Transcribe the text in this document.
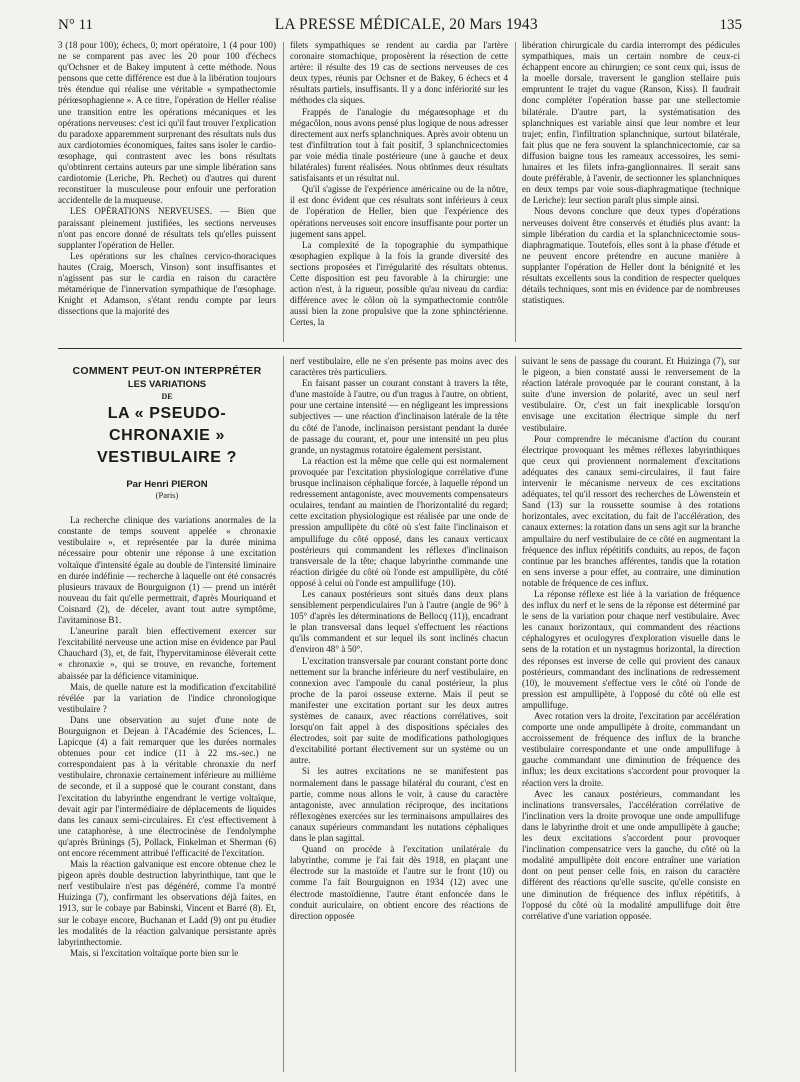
N° 11	LA PRESSE MÉDICALE, 20 Mars 1943	135

3 (18 pour 100); échecs, 0; mort opératoire, 1 (4 pour 100) ne se comparent pas avec les 20 pour 100 d'échecs qu'Ochsner et de Bakey imputent à cette méthode. Nous pensons que cette différence est due à la libération toujours très étendue qui réalise une véritable « sympathectomie périœsophagienne ». A ce titre, l'opération de Heller réalise une transition entre les opérations mécaniques et les opérations nerveuses: c'est ici qu'il faut trouver l'explication du paradoxe apparemment surprenant des résultats nuls dus aux cardiotomies économiques, faites sans isoler le cardio-œsophage, qui contrastent avec les bons résultats qu'obtinrent certains auteurs par une simple libération sans cardiotomie (Leriche, Ph. Rechet) ou d'autres qui durent reconstituer la musculeuse pour enfouir une perforation accidentelle de la muqueuse.

LES OPÉRATIONS NERVEUSES. — Bien que paraissant pleinement justifiées, les sections nerveuses n'ont pas encore donné de résultats tels qu'elles puissent supplanter l'opération de Heller.

Les opérations sur les chaînes cervico-thoraciques hautes (Craig, Moersch, Vinson) sont insuffisantes et n'agissent pas sur le cardia en raison du caractère métamérique de l'innervation sympathique de l'œsophage. Knight et Adamson, s'étant rendu compte par leurs dissections que la majorité des

filets sympathiques se rendent au cardia par l'artère coronaire stomachique, proposèrent la résection de cette artère: il résulte des 19 cas de sections nerveuses de ces deux types, réunis par Ochsner et de Bakey, 6 échecs et 4 résultats partiels, insuffisants. Il y a donc infériorité sur les méthodes cla siques.

Frappés de l'analogie du mégaœsophage et du mégacôlon, nous avons pensé plus logique de nous adresser directement aux nerfs splanchniques. Après avoir obtenu un test d'infiltration tout à fait positif, 3 splanchnicectomies par voie média tinale postérieure (une à gauche et deux bilatérales) furent réalisées. Nous obtînmes deux résultats satisfaisants et un résultat nul.

Qu'il s'agisse de l'expérience américaine ou de la nôtre, il est donc évident que ces résultats sont inférieurs à ceux de l'opération de Heller, bien que l'expérience des opérations nerveuses soit encore insuffisante pour porter un jugement sans appel.

La complexité de la topographie du sympathique œsophagien explique à la fois la grande diversité des sections proposées et l'irrégularité des résultats obtenus. Cette disposition est peu favorable à la chirurgie: une action n'est, à la rigueur, possible qu'au niveau du cardia: différence avec le côlon où la sympathectomie contrôle aussi bien la zone propulsive que la zone sphinctérienne. Certes, la

libération chirurgicale du cardia interrompt des pédicules sympathiques, mais un certain nombre de ceux-ci échappent encore au chirurgien; ce sont ceux qui, issus de la moelle dorsale, traversent le ganglion stellaire puis empruntent le trajet du vague (Ranson, Kiss). Il faudrait donc compléter l'opération basse par une stellectomie bilatérale. D'autre part, la systématisation des splanchniques est variable ainsi que leur nombre et leur trajet; enfin, l'infiltration splanchnique, surtout bilatérale, fait plus que ne fera souvent la splanchnicectomie, car sa diffusion baigne tous les rameaux accessoires, les semi-lunaires et les filets infra-ganglionnaires. Il serait sans doute préférable, à l'avenir, de sectionner les splanchniques en deux temps par voie sous-diaphragmatique (technique de Leriche): leur section paraît plus simple ainsi.

Nous devons conclure que deux types d'opérations nerveuses doivent être conservés et étudiés plus avant: la simple libération du cardia et la splanchnicectomie sous-diaphragmatique. Toutefois, elles sont à la phase d'étude et ne peuvent encore prétendre en aucune manière à supplanter l'opération de Heller dont la bénignité et les résultats excellents sous la condition de respecter quelques détails techniques, sont mis en évidence par de nombreuses statistiques.

COMMENT PEUT-ON INTERPRÉTER
LES VARIATIONS
DE
LA « PSEUDO-CHRONAXIE »
VESTIBULAIRE ?
Par Henri PIERON
(Paris)

La recherche clinique des variations anormales de la constante de temps souvent appelée « chronaxie vestibulaire », et représentée par la durée minima nécessaire pour obtenir une réponse à une excitation voltaïque d'intensité égale au double de l'intensité liminaire en durée indéfinie — recherche à laquelle ont été consacrés plusieurs travaux de Bourguignon (1) — prend un intérêt nouveau du fait qu'elle permettrait, d'après Mouriquand et Coisnard (2), de déceler, avant tout autre symptôme, l'avitaminose B1.

L'aneurine paraît bien effectivement exercer sur l'excitabilité nerveuse une action mise en évidence par Paul Chauchard (3), et, de fait, l'hypervitaminose élèverait cette « chronaxie », qui se trouve, en revanche, fortement abaissée par la déficience vitaminique.

Mais, de quelle nature est la modification d'excitabilité révélée par la variation de l'indice chronologique vestibulaire ?

Dans une observation au sujet d'une note de Bourguignon et Dejean à l'Académie des Sciences, L. Lapicque (4) a fait remarquer que les durées normales obtenues pour cet indice (11 à 22 ms.-sec.) ne correspondaient pas à la véritable chronaxie du nerf vestibulaire, chronaxie certainement inférieure au millième de seconde, et il a supposé que le courant constant, dans l'excitation du labyrinthe engendrant le vertige voltaïque, devait agir par l'intermédiaire de déplacements de liquides dans les canaux semi-circulaires. Et c'est effectivement à une cataphorèse, à une électrocinèse de l'endolymphe qu'après Brünings (5), Pollack, Finkelman et Sherman (6) ont encore récemment attribué l'efficacité de l'excitation.

Mais la réaction galvanique est encore obtenue chez le pigeon après double destruction labyrinthique, tant que le nerf vestibulaire n'est pas dégénéré, comme l'a montré Huizinga (7), confirmant les observations déjà faites, en 1913, sur le cobaye par Babinski, Vincent et Barré (8). Et, sur le cobaye encore, Buchanan et Ladd (9) ont pu étudier les modalités de la réaction galvanique persistante après labyrinthectomie.

Mais, si l'excitation voltaïque porte bien sur le

nerf vestibulaire, elle ne s'en présente pas moins avec des caractères très particuliers.

En faisant passer un courant constant à travers la tête, d'une mastoïde à l'autre, ou d'un tragus à l'autre, on obtient, pour une certaine intensité — en négligeant les impressions subjectives — une réaction d'inclinaison latérale de la tête du côté de l'anode, inclinaison persistant pendant la durée de passage du courant, et, pour une intensité un peu plus grande, un nystagmus rotatoire également persistant.

La réaction est la même que celle qui est normalement provoquée par l'excitation physiologique corrélative d'une brusque inclinaison céphalique forcée, à laquelle répond un redressement antagoniste, avec mouvements compensateurs oculaires, tendant au maintien de l'horizontalité du regard; cette excitation physiologique est réalisée par une onde de pression ampullipète du côté où s'est faite l'inclinaison et ampullifuge du côté opposé, dans les canaux verticaux postérieurs qui commandent les réflexes d'inclinaison transversale de la tête; chaque labyrinthe commande une réaction dirigée du côté où l'onde est ampullipète, du côté opposé à celui où l'onde est ampullifuge (10).

Les canaux postérieurs sont situés dans deux plans sensiblement perpendiculaires l'un à l'autre (angle de 96° à 105° d'après les déterminations de Bellocq (11)), encadrant le plan transversal dans lequel s'effectuent les réactions qu'ils commandent et sur lequel ils sont inclinés chacun d'environ 48° à 50°.

L'excitation transversale par courant constant porte donc nettement sur la branche inférieure du nerf vestibulaire, en connexion avec l'ampoule du canal postérieur, la plus proche de la paroi osseuse externe. Mais il peut se manifester une excitation portant sur les deux autres systèmes de canaux, avec réactions corrélatives, soit lorsqu'on fait appel à des dispositions spéciales des électrodes, soit par suite de modifications pathologiques d'excitabilité portant électivement sur un système ou un autre.

Si les autres excitations ne se manifestent pas normalement dans le passage bilatéral du courant, c'est en partie, comme nous allons le voir, à cause du caractère antagoniste, avec annulation réciproque, des incitations réflexogènes exercées sur les terminaisons ampullaires des canaux supérieurs commandant les nutations céphaliques dans le plan sagittal.

Quand on procède à l'excitation unilatérale du labyrinthe, comme je l'ai fait dès 1918, en plaçant une électrode sur la mastoïde et l'autre sur le front (10) ou comme l'a fait Bourguignon en 1934 (12) avec une électrode mastoïdienne, l'autre étant enfoncée dans le conduit auriculaire, on obtient encore des réactions de direction opposée

suivant le sens de passage du courant. Et Huizinga (7), sur le pigeon, a bien constaté aussi le renversement de la réaction latérale provoquée par le courant constant, à la suite d'une inversion de polarité, avec un seul nerf vestibulaire. Or, c'est un fait inexplicable lorsqu'on envisage une excitation électrique simple du nerf vestibulaire.

Pour comprendre le mécanisme d'action du courant électrique provoquant les mêmes réflexes labyrinthiques que ceux qui proviennent normalement d'excitations adéquates des canaux semi-circulaires, il faut faire intervenir le mécanisme nerveux de ces excitations adéquates, tel qu'il ressort des recherches de Löwenstein et Sand (13) sur la roussette soumise à des rotations horizontales, avec excitation, du fait de l'accélération, des canaux externes: la rotation dans un sens agit sur la branche ampullaire du nerf vestibulaire de ce côté en augmentant la fréquence des influx répétitifs conduits, au repos, de façon continue par les branches afférentes, tandis que la rotation en sens inverse a pour effet, au contraire, une diminution notable de fréquence de ces influx.

La réponse réflexe est liée à la variation de fréquence des influx du nerf et le sens de la réponse est déterminé par le sens de la variation pour chaque nerf vestibulaire. Avec les canaux horizontaux, qui commandent des réactions céphalogyres et oculogyres d'exploration visuelle dans le sens de la rotation et un nystagmus horizontal, la direction des réponses est inverse de celle qui provient des canaux postérieurs, commandant des inclinations de redressement (10), le mouvement s'effectue vers le côté où l'onde de pression est ampullipète, à l'opposé du côté où elle est ampullifuge.

Avec rotation vers la droite, l'excitation par accélération comporte une onde ampullipète à droite, commandant un accroissement de fréquence des influx de la branche vestibulaire correspondante et une onde ampullifuge à gauche commandant une diminution de fréquence des influx; les deux excitations s'accordent pour provoquer la réaction vers la droite.

Avec les canaux postérieurs, commandant les inclinations transversales, l'accélération corrélative de l'inclination vers la droite provoque une onde ampullifuge dans le labyrinthe droit et une onde ampullipète à gauche; les deux excitations s'accordent pour provoquer l'inclination compensatrice vers la gauche, du côté où la modalité ampullipète doit encore entraîner une variation dont on peut penser celle fois, en raison du caractère différent des réactions qu'elle suscite, qu'elle consiste en une diminution de fréquence des influx répétitifs, à l'opposé du côté où la modalité ampullifuge doit être corrélative d'une variation opposée.
